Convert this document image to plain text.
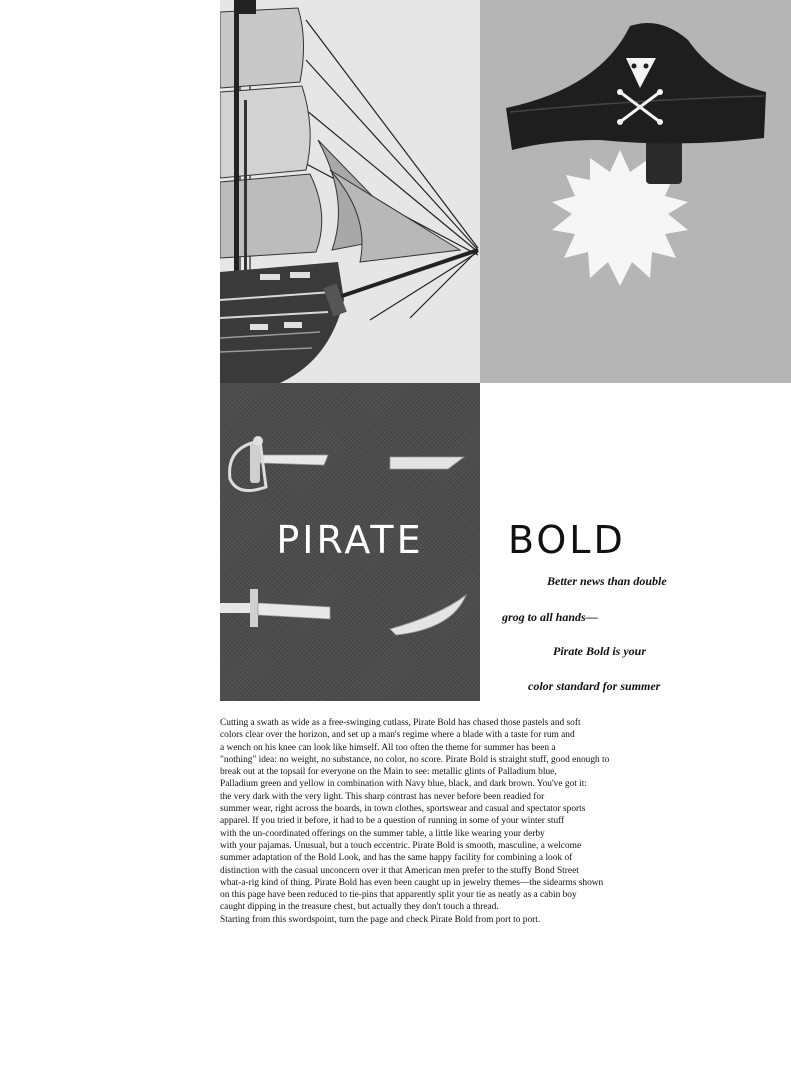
PIRATE	BOLD
Better news than double
grog to all hands—
Pirate Bold is your
color standard for summer
Cutting a swath as wide as a free-swinging cutlass, Pirate Bold has chased those pastels and soft
colors clear over the horizon, and set up a man's regime where a blade with a taste for rum and
a wench on his knee can look like himself. All too often the theme for summer has been a
"nothing" idea: no weight, no substance, no color, no score. Pirate Bold is straight stuff, good enough to
break out at the topsail for everyone on the Main to see: metallic glints of Palladium blue,
Palladium green and yellow in combination with Navy blue, black, and dark brown. You've got it:
the very dark with the very light. This sharp contrast has never before been readied for
summer wear, right across the boards, in town clothes, sportswear and casual and spectator sports
apparel. If you tried it before, it had to be a question of running in some of your winter stuff
with the un-coordinated offerings on the summer table, a little like wearing your derby
with your pajamas. Unusual, but a touch eccentric. Pirate Bold is smooth, masculine, a welcome
summer adaptation of the Bold Look, and has the same happy facility for combining a look of
distinction with the casual unconcern over it that American men prefer to the stuffy Bond Street
what-a-rig kind of thing. Pirate Bold has even been caught up in jewelry themes—the sidearms shown
on this page have been reduced to tie-pins that apparently split your tie as neatly as a cabin boy
caught dipping in the treasure chest, but actually they don't touch a thread.
Starting from this swordspoint, turn the page and check Pirate Bold from port to port.
